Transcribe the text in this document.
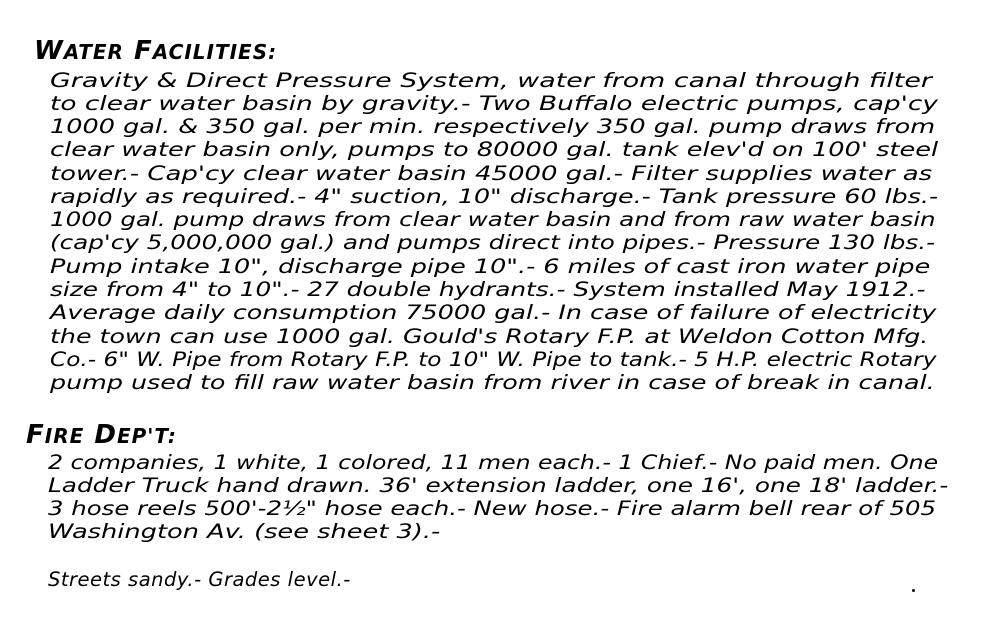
WATER FACILITIES:
Gravity & Direct Pressure System, water from canal through filter
to clear water basin by gravity.- Two Buffalo electric pumps, cap'cy
1000 gal. & 350 gal. per min. respectively 350 gal. pump draws from
clear water basin only, pumps to 80000 gal. tank elev'd on 100' steel
tower.- Cap'cy clear water basin 45000 gal.- Filter supplies water as
rapidly as required.- 4" suction, 10" discharge.- Tank pressure 60 lbs.-
1000 gal. pump draws from clear water basin and from raw water basin
(cap'cy 5,000,000 gal.) and pumps direct into pipes.- Pressure 130 lbs.-
Pump intake 10", discharge pipe 10".- 6 miles of cast iron water pipe
size from 4" to 10".- 27 double hydrants.- System installed May 1912.-
Average daily consumption 75000 gal.- In case of failure of electricity
the town can use 1000 gal. Gould's Rotary F.P. at Weldon Cotton Mfg.
Co.- 6" W. Pipe from Rotary F.P. to 10" W. Pipe to tank.- 5 H.P. electric Rotary
pump used to fill raw water basin from river in case of break in canal.
FIRE DEP'T:
2 companies, 1 white, 1 colored, 11 men each.- 1 Chief.- No paid men. One
Ladder Truck hand drawn. 36' extension ladder, one 16', one 18' ladder.-
3 hose reels 500'-2½" hose each.- New hose.- Fire alarm bell rear of 505
Washington Av. (see sheet 3).-
Streets sandy.- Grades level.-
